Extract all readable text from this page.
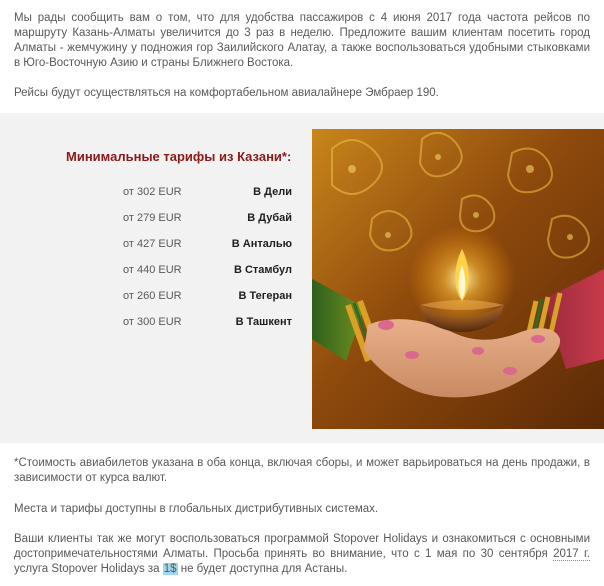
Мы рады сообщить вам о том, что для удобства пассажиров с 4 июня 2017 года частота рейсов по маршруту Казань-Алматы увеличится до 3 раз в неделю. Предложите вашим клиентам посетить город Алматы - жемчужину у подножия гор Заилийского Алатау, а также воспользоваться удобными стыковками в Юго-Восточную Азию и страны Ближнего Востока.

Рейсы будут осуществляться на комфортабельном авиалайнере Эмбраер 190.

Минимальные тарифы из Казани*:
от 302 EUR	В Дели
от 279 EUR	В Дубай
от 427 EUR	В Анталью
от 440 EUR	В Стамбул
от 260 EUR	В Тегеран
от 300 EUR	В Ташкент

*Стоимость авиабилетов указана в оба конца, включая сборы, и может варьироваться на день продажи, в зависимости от курса валют.

Места и тарифы доступны в глобальных дистрибутивных системах.

Ваши клиенты так же могут воспользоваться программой Stopover Holidays и ознакомиться с основными достопримечательностями Алматы. Просьба принять во внимание, что с 1 мая по 30 сентября 2017 г. услуга Stopover Holidays за 1$ не будет доступна для Астаны.
